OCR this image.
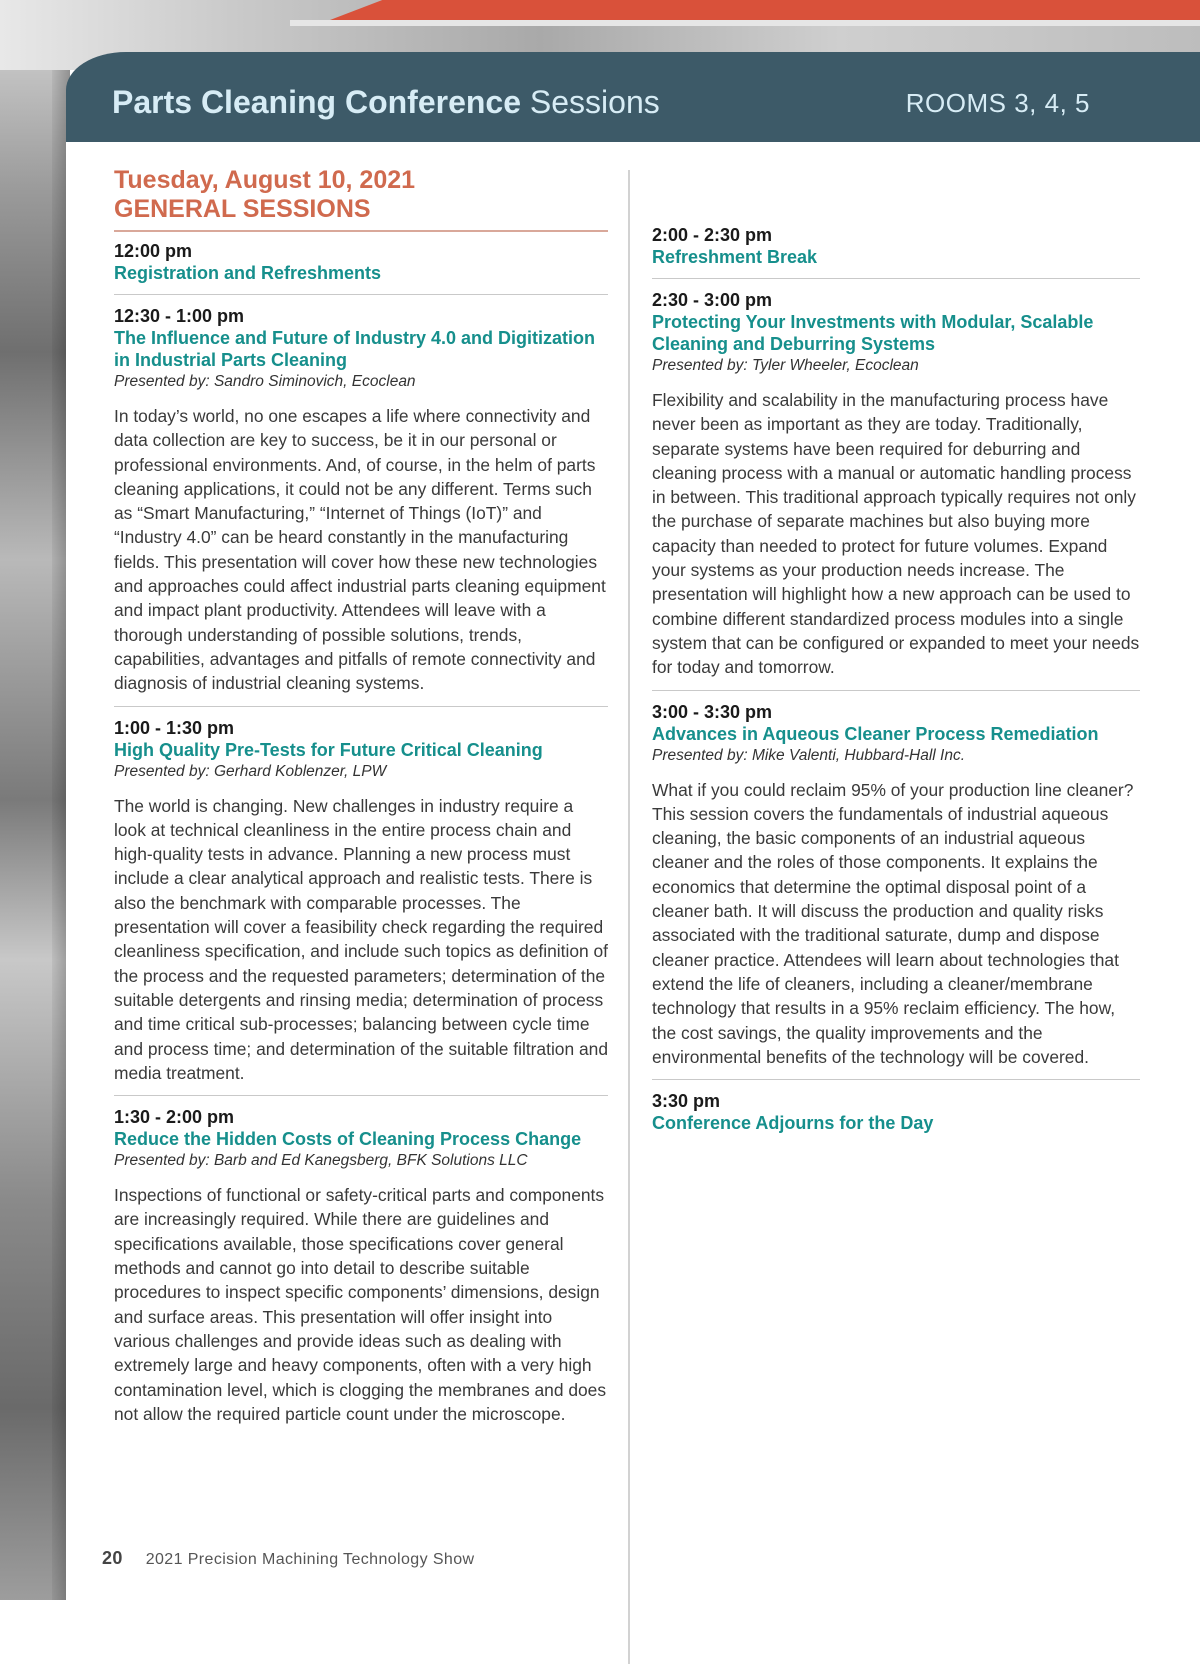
Parts Cleaning Conference Sessions	ROOMS 3, 4, 5
Tuesday, August 10, 2021
GENERAL SESSIONS
12:00 pm
Registration and Refreshments
12:30 - 1:00 pm
The Influence and Future of Industry 4.0 and Digitization in Industrial Parts Cleaning
Presented by: Sandro Siminovich, Ecoclean
In today’s world, no one escapes a life where connectivity and data collection are key to success, be it in our personal or professional environments. And, of course, in the helm of parts cleaning applications, it could not be any different. Terms such as “Smart Manufacturing,” “Internet of Things (IoT)” and “Industry 4.0” can be heard constantly in the manufacturing fields. This presentation will cover how these new technologies and approaches could affect industrial parts cleaning equipment and impact plant productivity. Attendees will leave with a thorough understanding of possible solutions, trends, capabilities, advantages and pitfalls of remote connectivity and diagnosis of industrial cleaning systems.
1:00 - 1:30 pm
High Quality Pre-Tests for Future Critical Cleaning
Presented by: Gerhard Koblenzer, LPW
The world is changing. New challenges in industry require a look at technical cleanliness in the entire process chain and high-quality tests in advance. Planning a new process must include a clear analytical approach and realistic tests. There is also the benchmark with comparable processes. The presentation will cover a feasibility check regarding the required cleanliness specification, and include such topics as definition of the process and the requested parameters; determination of the suitable detergents and rinsing media; determination of process and time critical sub-processes; balancing between cycle time and process time; and determination of the suitable filtration and media treatment.
1:30 - 2:00 pm
Reduce the Hidden Costs of Cleaning Process Change
Presented by: Barb and Ed Kanegsberg, BFK Solutions LLC
Inspections of functional or safety-critical parts and components are increasingly required. While there are guidelines and specifications available, those specifications cover general methods and cannot go into detail to describe suitable procedures to inspect specific components’ dimensions, design and surface areas. This presentation will offer insight into various challenges and provide ideas such as dealing with extremely large and heavy components, often with a very high contamination level, which is clogging the membranes and does not allow the required particle count under the microscope.
2:00 - 2:30 pm
Refreshment Break
2:30 - 3:00 pm
Protecting Your Investments with Modular, Scalable Cleaning and Deburring Systems
Presented by: Tyler Wheeler, Ecoclean
Flexibility and scalability in the manufacturing process have never been as important as they are today. Traditionally, separate systems have been required for deburring and cleaning process with a manual or automatic handling process in between. This traditional approach typically requires not only the purchase of separate machines but also buying more capacity than needed to protect for future volumes. Expand your systems as your production needs increase. The presentation will highlight how a new approach can be used to combine different standardized process modules into a single system that can be configured or expanded to meet your needs for today and tomorrow.
3:00 - 3:30 pm
Advances in Aqueous Cleaner Process Remediation
Presented by: Mike Valenti, Hubbard-Hall Inc.
What if you could reclaim 95% of your production line cleaner? This session covers the fundamentals of industrial aqueous cleaning, the basic components of an industrial aqueous cleaner and the roles of those components. It explains the economics that determine the optimal disposal point of a cleaner bath. It will discuss the production and quality risks associated with the traditional saturate, dump and dispose cleaner practice. Attendees will learn about technologies that extend the life of cleaners, including a cleaner/membrane technology that results in a 95% reclaim efficiency. The how, the cost savings, the quality improvements and the environmental benefits of the technology will be covered.
3:30 pm
Conference Adjourns for the Day
20 2021 Precision Machining Technology Show
